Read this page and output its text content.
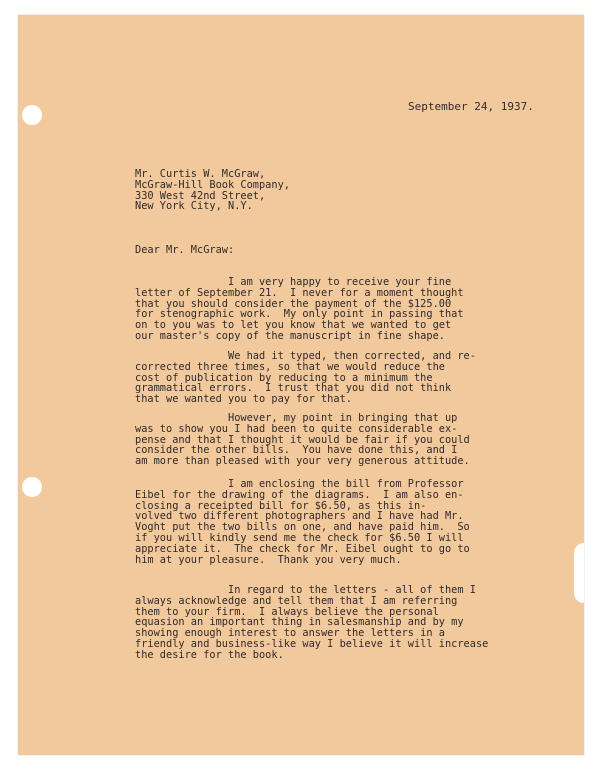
September 24, 1937.

Mr. Curtis W. McGraw,
McGraw-Hill Book Company,
330 West 42nd Street,
New York City, N.Y.
Dear Mr. McGraw:
I am very happy to receive your fine
letter of September 21.  I never for a moment thought
that you should consider the payment of the $125.00
for stenographic work.  My only point in passing that
on to you was to let you know that we wanted to get
our master's copy of the manuscript in fine shape.
We had it typed, then corrected, and re-
corrected three times, so that we would reduce the
cost of publication by reducing to a minimum the
grammatical errors.  I trust that you did not think
that we wanted you to pay for that.
However, my point in bringing that up
was to show you I had been to quite considerable ex-
pense and that I thought it would be fair if you could
consider the other bills.  You have done this, and I
am more than pleased with your very generous attitude.
I am enclosing the bill from Professor
Eibel for the drawing of the diagrams.  I am also en-
closing a receipted bill for $6.50, as this in-
volved two different photographers and I have had Mr.
Voght put the two bills on one, and have paid him.  So
if you will kindly send me the check for $6.50 I will
appreciate it.  The check for Mr. Eibel ought to go to
him at your pleasure.  Thank you very much.
In regard to the letters - all of them I
always acknowledge and tell them that I am referring
them to your firm.  I always believe the personal
equasion an important thing in salesmanship and by my
showing enough interest to answer the letters in a
friendly and business-like way I believe it will increase
the desire for the book.
